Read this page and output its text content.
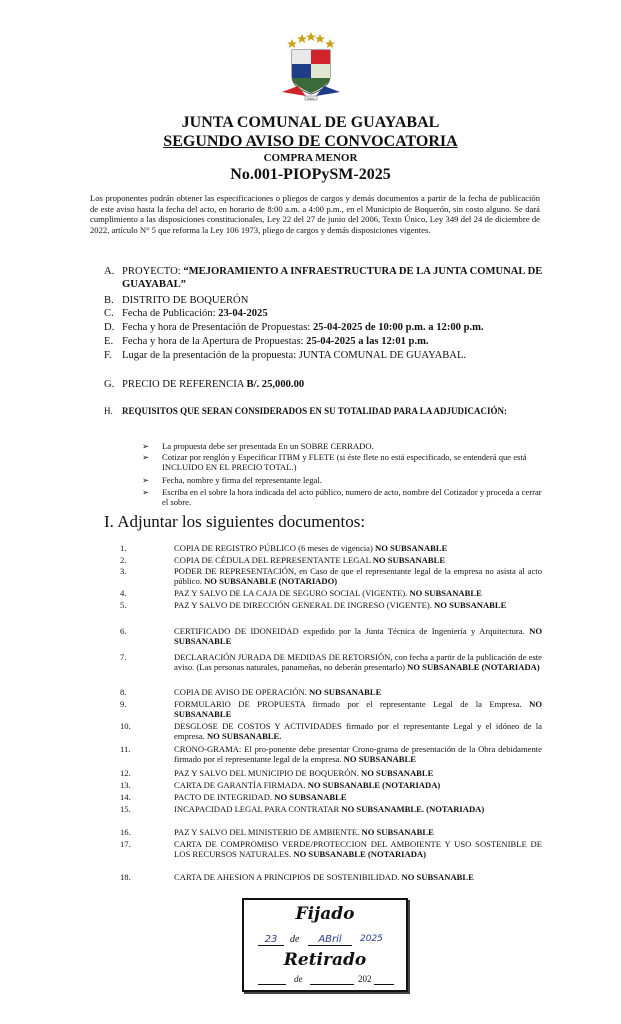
Patria
JUNTA COMUNAL DE GUAYABAL
SEGUNDO AVISO DE CONVOCATORIA
COMPRA MENOR
No.001-PIOPySM-2025
Los proponentes podrán obtener las especificaciones o pliegos de cargos y demás documentos a partir de la fecha de publicación de este aviso hasta la fecha del acto, en horario de 8:00 a.m. a 4:00 p.m., en el Municipio de Boquerón, sin costo alguno. Se dará cumplimiento a las disposiciones constitucionales, Ley 22 del 27 de junio del 2006, Texto Único, Ley 349 del 24 de diciembre de 2022, artículo N° 5 que reforma la Ley 106 1973, pliego de cargos y demás disposiciones vigentes.
A. PROYECTO: “MEJORAMIENTO A INFRAESTRUCTURA DE LA JUNTA COMUNAL DE GUAYABAL”
B. DISTRITO DE BOQUERÓN
C. Fecha de Publicación: 23-04-2025
D. Fecha y hora de Presentación de Propuestas: 25-04-2025 de 10:00 p.m. a 12:00 p.m.
E. Fecha y hora de la Apertura de Propuestas: 25-04-2025 a las 12:01 p.m.
F. Lugar de la presentación de la propuesta: JUNTA COMUNAL DE GUAYABAL.
G. PRECIO DE REFERENCIA B/. 25,000.00
H.	REQUISITOS QUE SERAN CONSIDERADOS EN SU TOTALIDAD PARA LA ADJUDICACIÓN:
➢	La propuesta debe ser presentada En un SOBRE CERRADO.
➢	Cotizar por renglón y Especificar ITBM y FLETE (si éste flete no está especificado, se entenderá que está INCLUIDO EN EL PRECIO TOTAL.)
➢	Fecha, nombre y firma del representante legal.
➢	Escriba en el sobre la hora indicada del acto público, numero de acto, nombre del Cotizador y proceda a cerrar el sobre.
I. Adjuntar los siguientes documentos:
1.	COPIA DE REGISTRO PÚBLICO (6 meses de vigencia) NO SUBSANABLE
2.	COPIA DE CÉDULA DEL REPRESENTANTE LEGAL NO SUBSANABLE
3.	PODER DE REPRESENTACIÓN, en Caso de que el representante legal de la empresa no asista al acto público. NO SUBSANABLE (NOTARIADO)
4.	PAZ Y SALVO DE LA CAJA DE SEGURO SOCIAL (VIGENTE). NO SUBSANABLE
5.	PAZ Y SALVO DE DIRECCIÓN GENERAL DE INGRESO (VIGENTE). NO SUBSANABLE
6.	CERTIFICADO DE IDONEIDAD expedido por la Junta Técnica de Ingeniería y Arquitectura. NO SUBSANABLE
7.	DECLARACIÓN JURADA DE MEDIDAS DE RETORSIÓN, con fecha a partir de la publicación de este aviso. (Las personas naturales, panameñas, no deberán presentarlo) NO SUBSANABLE (NOTARIADA)
8.	COPIA DE AVISO DE OPERACIÓN. NO SUBSANABLE
9.	FORMULARIO DE PROPUESTA firmado por el representante Legal de la Empresa. NO SUBSANABLE
10.	DESGLOSE DE COSTOS Y ACTIVIDADES firmado por el representante Legal y el idóneo de la empresa. NO SUBSANABLE.
11.	CRONO-GRAMA: El pro-ponente debe presentar Crono-grama de presentación de la Obra debidamente firmado por el representante legal de la empresa. NO SUBSANABLE
12.	PAZ Y SALVO DEL MUNICIPIO DE BOQUERÓN. NO SUBSANABLE
13.	CARTA DE GARANTÍA FIRMADA. NO SUBSANABLE (NOTARIADA)
14.	PACTO DE INTEGRIDAD. NO SUBSANABLE
15.	INCAPACIDAD LEGAL PARA CONTRATAR NO SUBSANAMBLE. (NOTARIADA)
16.	PAZ Y SALVO DEL MINISTERIO DE AMBIENTE. NO SUBSANABLE
17.	CARTA DE COMPROMISO VERDE/PROTECCION DEL AMBOIENTE Y USO SOSTENIBLE DE LOS RECURSOS NATURALES. NO SUBSANABLE (NOTARIADA)
18.	CARTA DE AHESION A PRINCIPIOS DE SOSTENIBILIDAD. NO SUBSANABLE
Fijado
23	de	ABril	2025
Retirado
de	202
